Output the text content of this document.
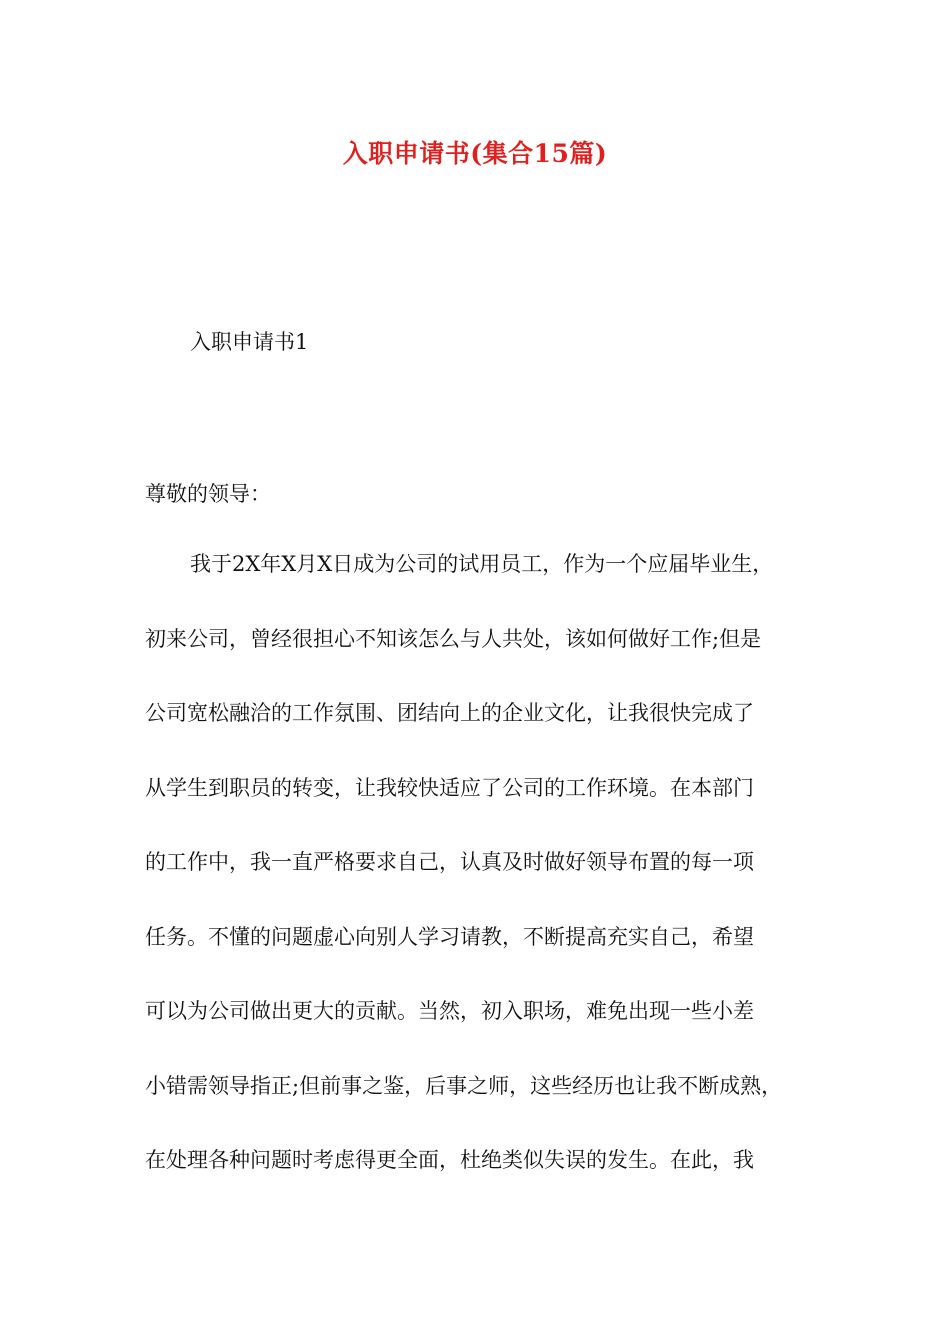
入职申请书(集合15篇)
入职申请书1

尊敬的领导：

我于2X年X月X日成为公司的试用员工，作为一个应届毕业生，
初来公司，曾经很担心不知该怎么与人共处，该如何做好工作;但是
公司宽松融洽的工作氛围、团结向上的企业文化，让我很快完成了
从学生到职员的转变，让我较快适应了公司的工作环境。在本部门
的工作中，我一直严格要求自己，认真及时做好领导布置的每一项
任务。不懂的问题虚心向别人学习请教，不断提高充实自己，希望
可以为公司做出更大的贡献。当然，初入职场，难免出现一些小差
小错需领导指正;但前事之鉴，后事之师，这些经历也让我不断成熟，
在处理各种问题时考虑得更全面，杜绝类似失误的发生。在此，我
